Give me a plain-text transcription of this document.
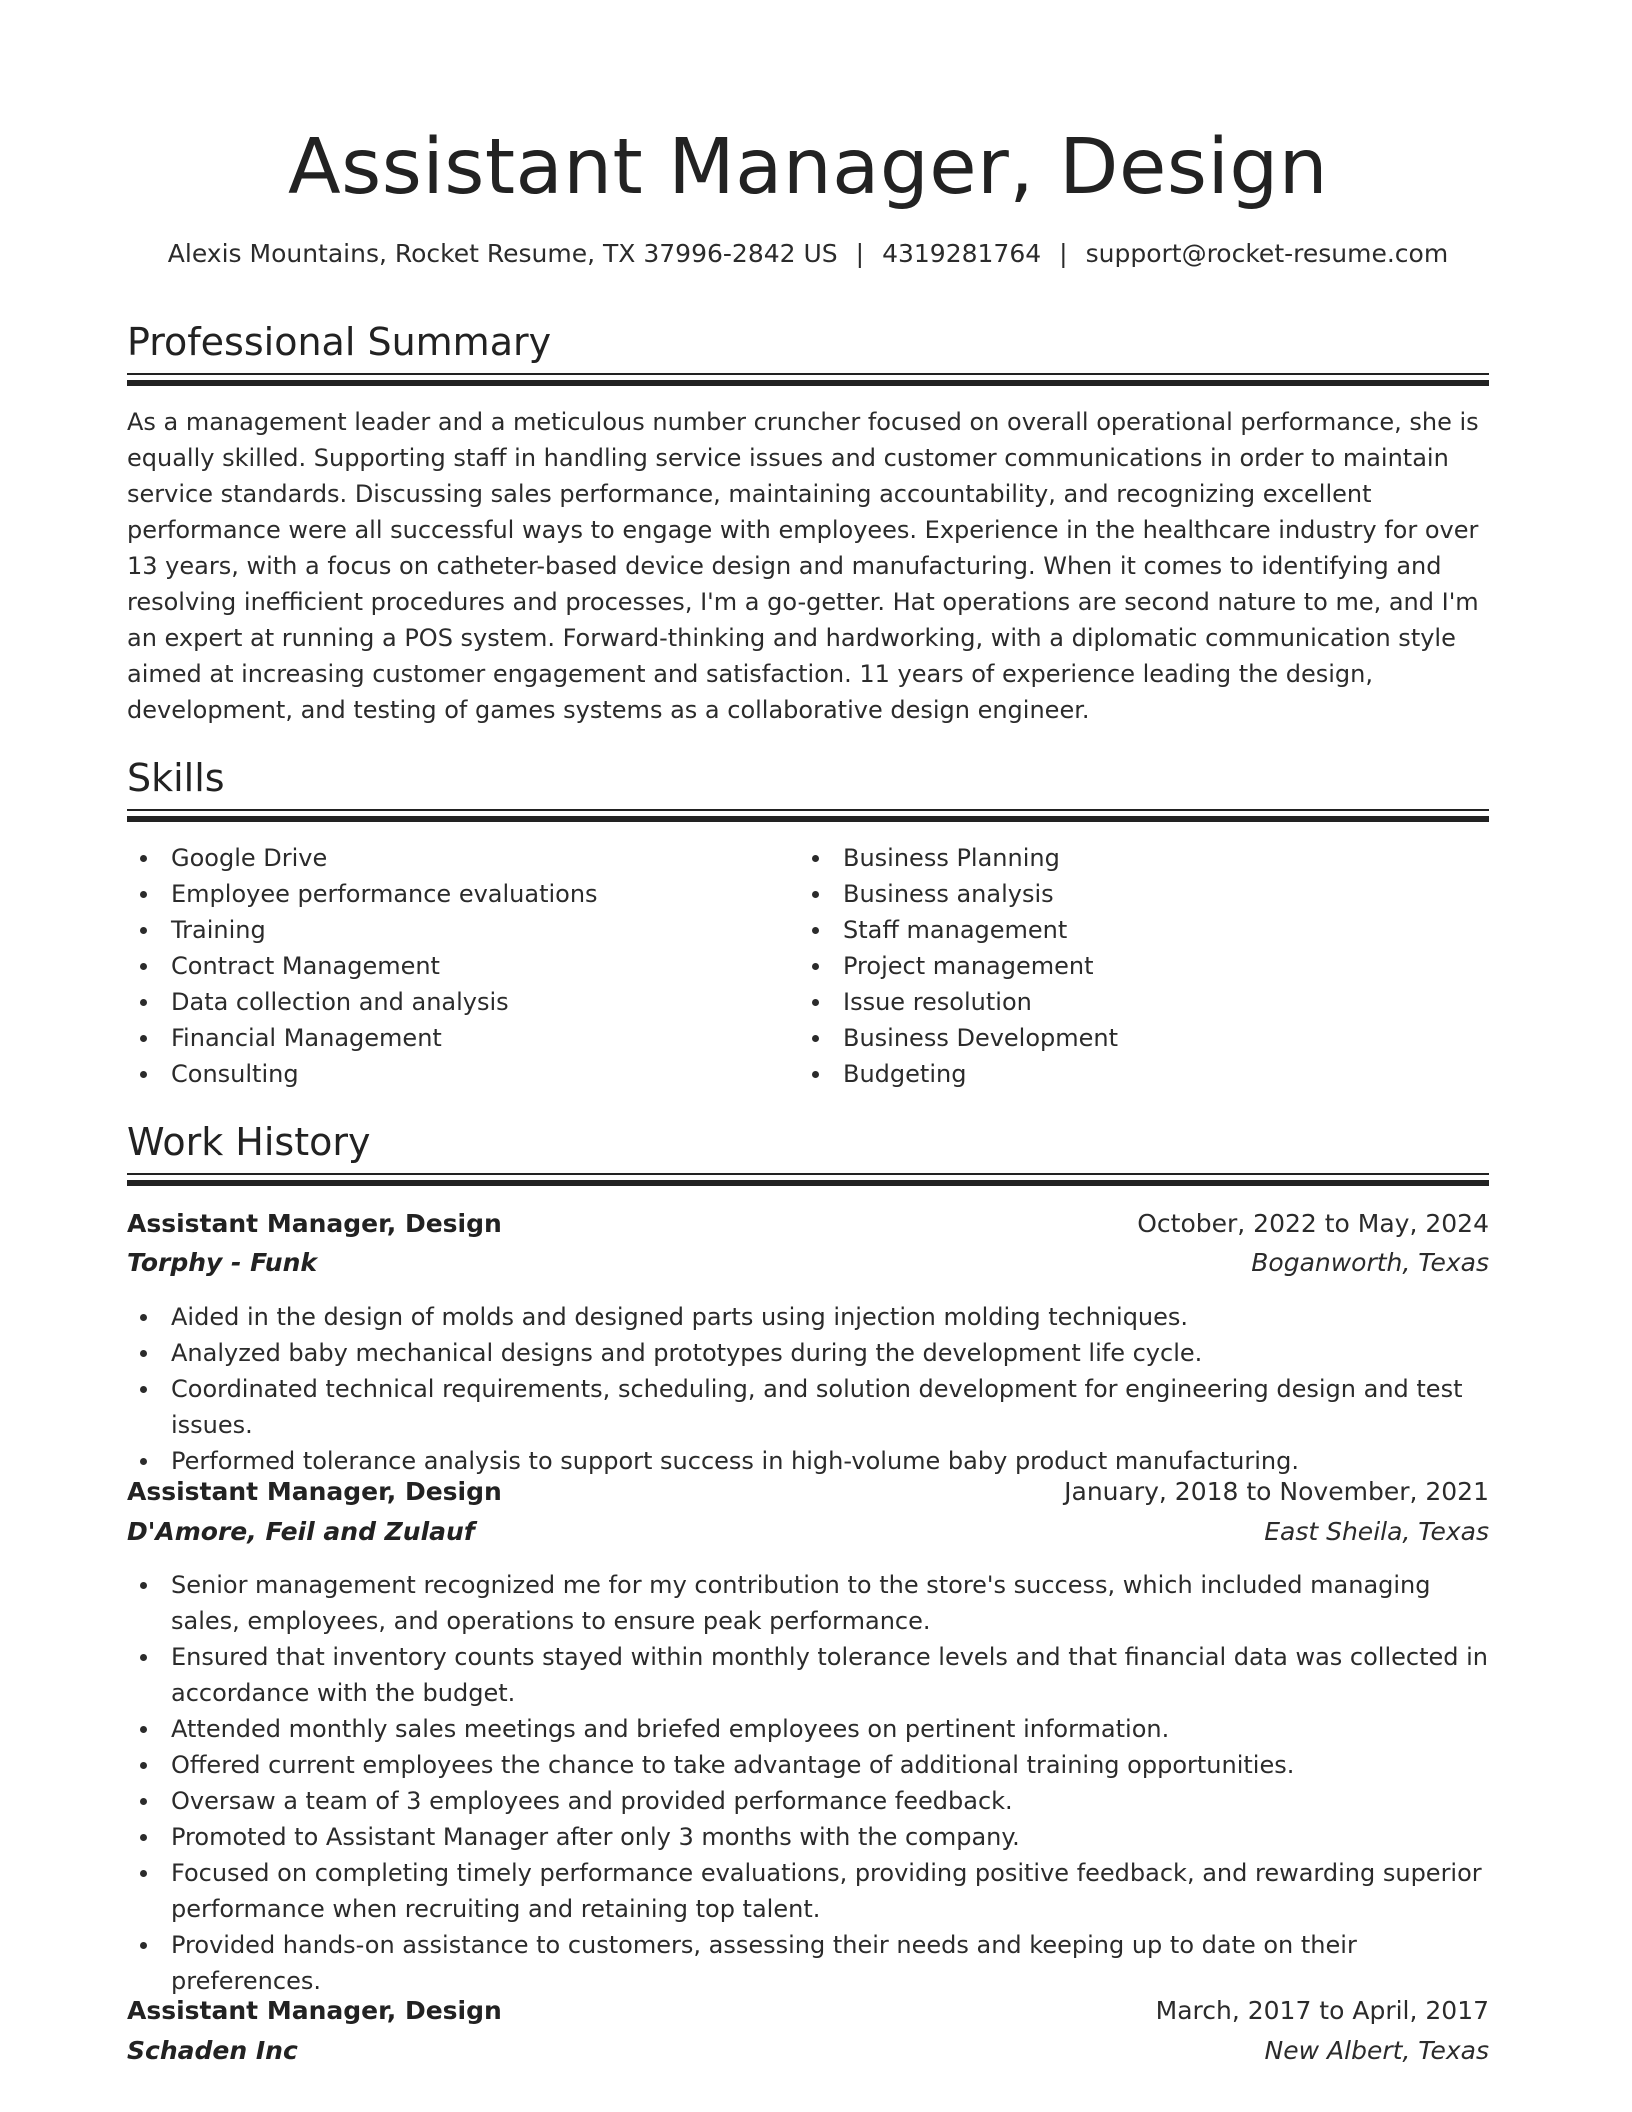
Assistant Manager, Design
Alexis Mountains, Rocket Resume, TX 37996-2842 US | 4319281764 | support@rocket-resume.com
Professional Summary

As a management leader and a meticulous number cruncher focused on overall operational performance, she is equally skilled. Supporting staff in handling service issues and customer communications in order to maintain service standards. Discussing sales performance, maintaining accountability, and recognizing excellent performance were all successful ways to engage with employees. Experience in the healthcare industry for over 13 years, with a focus on catheter-based device design and manufacturing. When it comes to identifying and resolving inefficient procedures and processes, I'm a go-getter. Hat operations are second nature to me, and I'm an expert at running a POS system. Forward-thinking and hardworking, with a diplomatic communication style aimed at increasing customer engagement and satisfaction. 11 years of experience leading the design, development, and testing of games systems as a collaborative design engineer.

Skills
Google Drive
Employee performance evaluations
Training
Contract Management
Data collection and analysis
Financial Management
Consulting
Business Planning
Business analysis
Staff management
Project management
Issue resolution
Business Development
Budgeting
Work History
Assistant Manager, Design	October, 2022 to May, 2024
Torphy - Funk	Boganworth, Texas
Aided in the design of molds and designed parts using injection molding techniques.
Analyzed baby mechanical designs and prototypes during the development life cycle.
Coordinated technical requirements, scheduling, and solution development for engineering design and test issues.
Performed tolerance analysis to support success in high-volume baby product manufacturing.
Assistant Manager, Design	January, 2018 to November, 2021
D'Amore, Feil and Zulauf	East Sheila, Texas
Senior management recognized me for my contribution to the store's success, which included managing sales, employees, and operations to ensure peak performance.
Ensured that inventory counts stayed within monthly tolerance levels and that financial data was collected in accordance with the budget.
Attended monthly sales meetings and briefed employees on pertinent information.
Offered current employees the chance to take advantage of additional training opportunities.
Oversaw a team of 3 employees and provided performance feedback.
Promoted to Assistant Manager after only 3 months with the company.
Focused on completing timely performance evaluations, providing positive feedback, and rewarding superior performance when recruiting and retaining top talent.
Provided hands-on assistance to customers, assessing their needs and keeping up to date on their preferences.
Assistant Manager, Design	March, 2017 to April, 2017
Schaden Inc	New Albert, Texas
